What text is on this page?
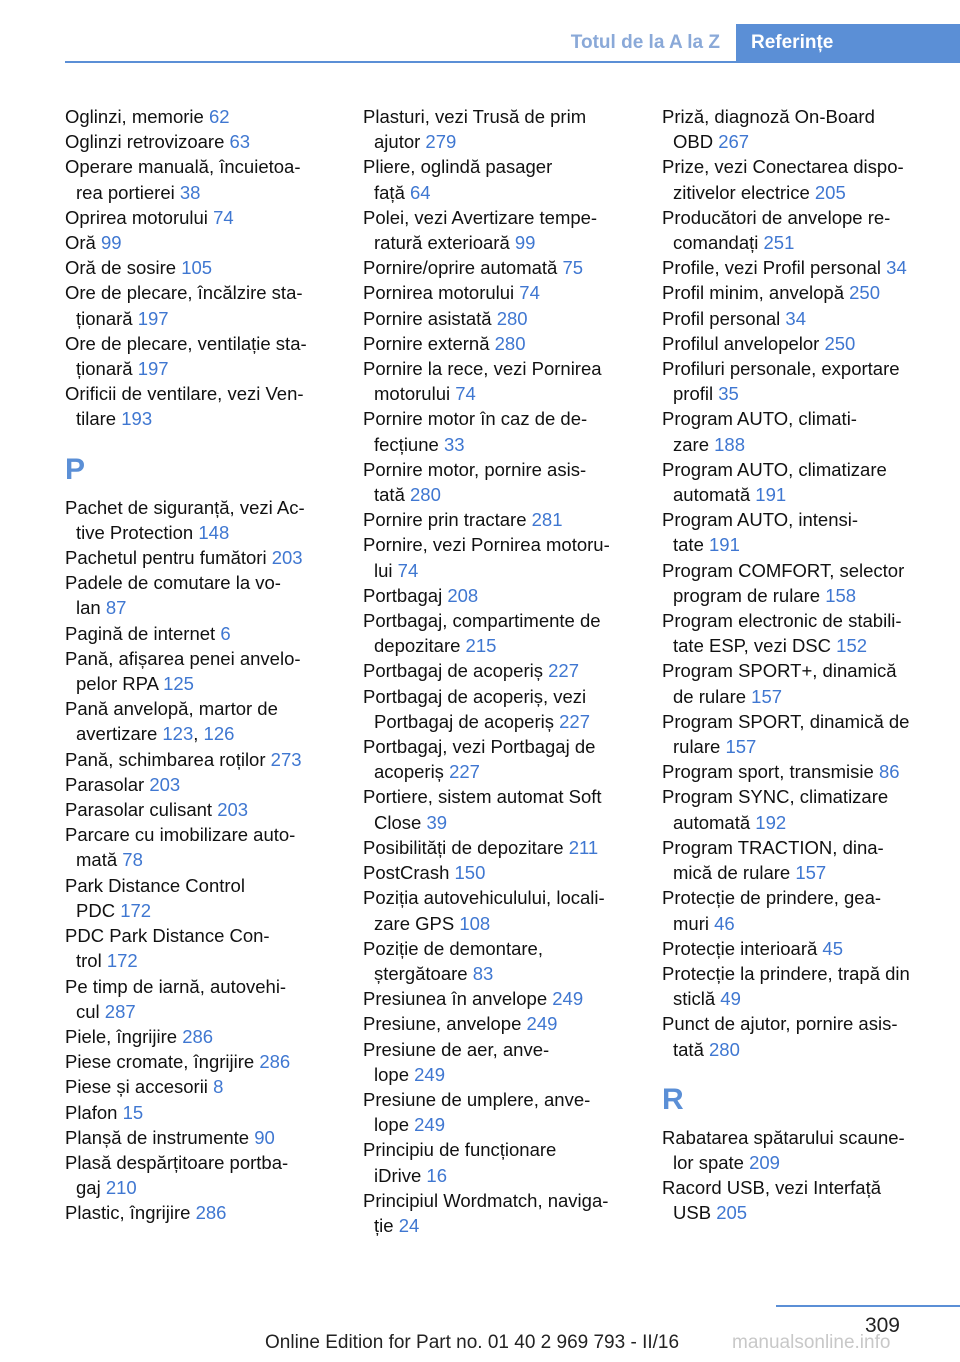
Totul de la A la Z	Referințe
Oglinzi, memorie 62
Oglinzi retrovizoare 63
Operare manuală, încuietoa‐
rea portierei 38
Oprirea motorului 74
Oră 99
Oră de sosire 105
Ore de plecare, încălzire sta‐
ționară 197
Ore de plecare, ventilație sta‐
ționară 197
Orificii de ventilare, vezi Ven‐
tilare 193
P
Pachet de siguranță, vezi Ac‐
tive Protection 148
Pachetul pentru fumători 203
Padele de comutare la vo‐
lan 87
Pagină de internet 6
Pană, afișarea penei anvelo‐
pelor RPA 125
Pană anvelopă, martor de
avertizare 123, 126
Pană, schimbarea roților 273
Parasolar 203
Parasolar culisant 203
Parcare cu imobilizare auto‐
mată 78
Park Distance Control
PDC 172
PDC Park Distance Con‐
trol 172
Pe timp de iarnă, autovehi‐
cul 287
Piele, îngrijire 286
Piese cromate, îngrijire 286
Piese și accesorii 8
Plafon 15
Planșă de instrumente 90
Plasă despărțitoare portba‐
gaj 210
Plastic, îngrijire 286
Plasturi, vezi Trusă de prim
ajutor 279
Pliere, oglindă pasager
față 64
Polei, vezi Avertizare tempe‐
ratură exterioară 99
Pornire/oprire automată 75
Pornirea motorului 74
Pornire asistată 280
Pornire externă 280
Pornire la rece, vezi Pornirea
motorului 74
Pornire motor în caz de de‐
fecțiune 33
Pornire motor, pornire asis‐
tată 280
Pornire prin tractare 281
Pornire, vezi Pornirea motoru‐
lui 74
Portbagaj 208
Portbagaj, compartimente de
depozitare 215
Portbagaj de acoperiș 227
Portbagaj de acoperiș, vezi
Portbagaj de acoperiș 227
Portbagaj, vezi Portbagaj de
acoperiș 227
Portiere, sistem automat Soft
Close 39
Posibilități de depozitare 211
PostCrash 150
Poziția autovehiculului, locali‐
zare GPS 108
Poziție de demontare,
ștergătoare 83
Presiunea în anvelope 249
Presiune, anvelope 249
Presiune de aer, anve‐
lope 249
Presiune de umplere, anve‐
lope 249
Principiu de funcționare
iDrive 16
Principiul Wordmatch, naviga‐
ție 24
Priză, diagnoză On-Board
OBD 267
Prize, vezi Conectarea dispo‐
zitivelor electrice 205
Producători de anvelope re‐
comandați 251
Profile, vezi Profil personal 34
Profil minim, anvelopă 250
Profil personal 34
Profilul anvelopelor 250
Profiluri personale, exportare
profil 35
Program AUTO, climati‐
zare 188
Program AUTO, climatizare
automată 191
Program AUTO, intensi‐
tate 191
Program COMFORT, selector
program de rulare 158
Program electronic de stabili‐
tate ESP, vezi DSC 152
Program SPORT+, dinamică
de rulare 157
Program SPORT, dinamică de
rulare 157
Program sport, transmisie 86
Program SYNC, climatizare
automată 192
Program TRACTION, dina‐
mică de rulare 157
Protecție de prindere, gea‐
muri 46
Protecție interioară 45
Protecție la prindere, trapă din
sticlă 49
Punct de ajutor, pornire asis‐
tată 280
R
Rabatarea spătarului scaune‐
lor spate 209
Racord USB, vezi Interfață
USB 205
309
Online Edition for Part no. 01 40 2 969 793 - II/16	manualsonline.info
